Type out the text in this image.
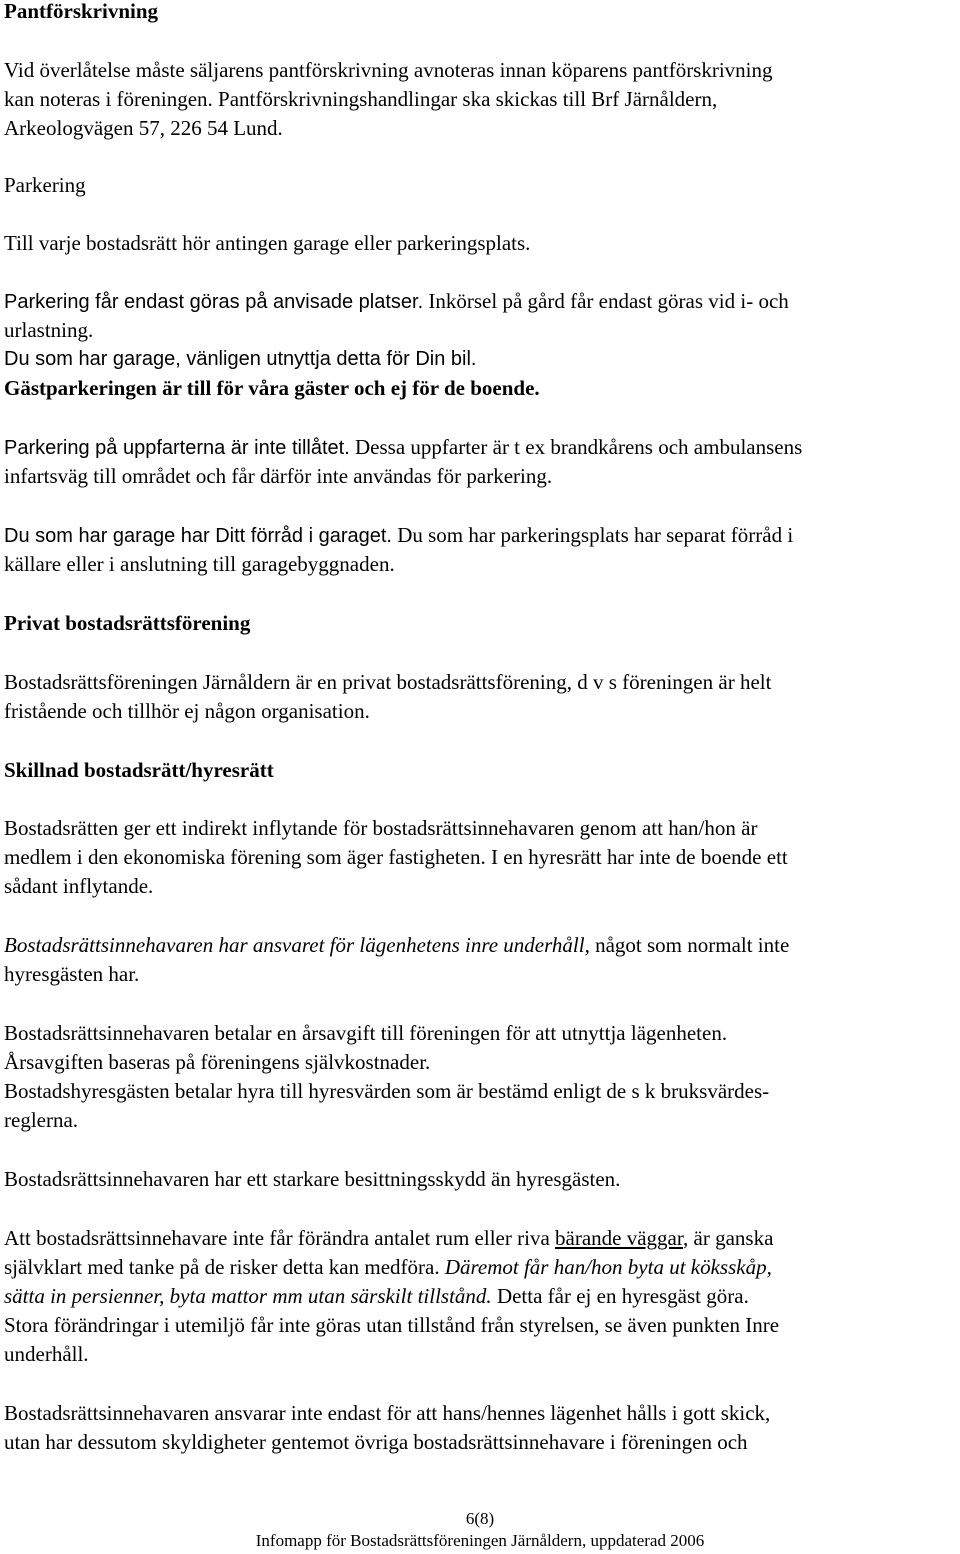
Pantförskrivning
Vid överlåtelse måste säljarens pantförskrivning avnoteras innan köparens pantförskrivning
kan noteras i föreningen. Pantförskrivningshandlingar ska skickas till Brf Järnåldern,
Arkeologvägen 57, 226 54 Lund.
Parkering
Till varje bostadsrätt hör antingen garage eller parkeringsplats.
Parkering får endast göras på anvisade platser. Inkörsel på gård får endast göras vid i- och
urlastning.
Du som har garage, vänligen utnyttja detta för Din bil.
Gästparkeringen är till för våra gäster och ej för de boende.
Parkering på uppfarterna är inte tillåtet. Dessa uppfarter är t ex brandkårens och ambulansens
infartsväg till området och får därför inte användas för parkering.
Du som har garage har Ditt förråd i garaget. Du som har parkeringsplats har separat förråd i
källare eller i anslutning till garagebyggnaden.
Privat bostadsrättsförening
Bostadsrättsföreningen Järnåldern är en privat bostadsrättsförening, d v s föreningen är helt
fristående och tillhör ej någon organisation.
Skillnad bostadsrätt/hyresrätt
Bostadsrätten ger ett indirekt inflytande för bostadsrättsinnehavaren genom att han/hon är
medlem i den ekonomiska förening som äger fastigheten. I en hyresrätt har inte de boende ett
sådant inflytande.
Bostadsrättsinnehavaren har ansvaret för lägenhetens inre underhåll, något som normalt inte
hyresgästen har.
Bostadsrättsinnehavaren betalar en årsavgift till föreningen för att utnyttja lägenheten.
Årsavgiften baseras på föreningens självkostnader.
Bostadshyresgästen betalar hyra till hyresvärden som är bestämd enligt de s k bruksvärdes-
reglerna.
Bostadsrättsinnehavaren har ett starkare besittningsskydd än hyresgästen.
Att bostadsrättsinnehavare inte får förändra antalet rum eller riva bärande väggar, är ganska
självklart med tanke på de risker detta kan medföra. Däremot får han/hon byta ut köksskåp,
sätta in persienner, byta mattor mm utan särskilt tillstånd. Detta får ej en hyresgäst göra.
Stora förändringar i utemiljö får inte göras utan tillstånd från styrelsen, se även punkten Inre
underhåll.
Bostadsrättsinnehavaren ansvarar inte endast för att hans/hennes lägenhet hålls i gott skick,
utan har dessutom skyldigheter gentemot övriga bostadsrättsinnehavare i föreningen och
6(8)
Infomapp för Bostadsrättsföreningen Järnåldern, uppdaterad 2006
